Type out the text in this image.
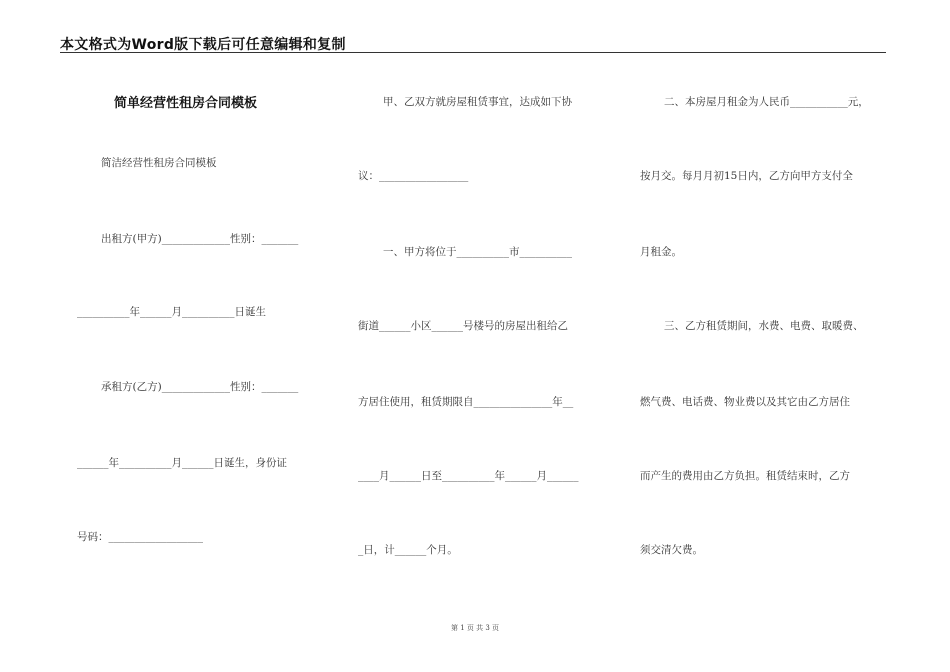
本文格式为Word版下载后可任意编辑和复制
简单经营性租房合同模板
简洁经营性租房合同模板
出租方(甲方)_____________性别：_______
__________年______月__________日诞生
承租方(乙方)_____________性别：_______
______年__________月______日诞生，身份证
号码：__________________
甲、乙双方就房屋租赁事宜，达成如下协
议：_________________
一、甲方将位于__________市__________
街道______小区______号楼号的房屋出租给乙
方居住使用，租赁期限自_______________年__
____月______日至__________年______月______
_日，计______个月。
二、本房屋月租金为人民币___________元，
按月交。每月月初15日内，乙方向甲方支付全
月租金。
三、乙方租赁期间，水费、电费、取暖费、
燃气费、电话费、物业费以及其它由乙方居住
而产生的费用由乙方负担。租赁结束时，乙方
须交清欠费。
第 1 页 共 3 页
